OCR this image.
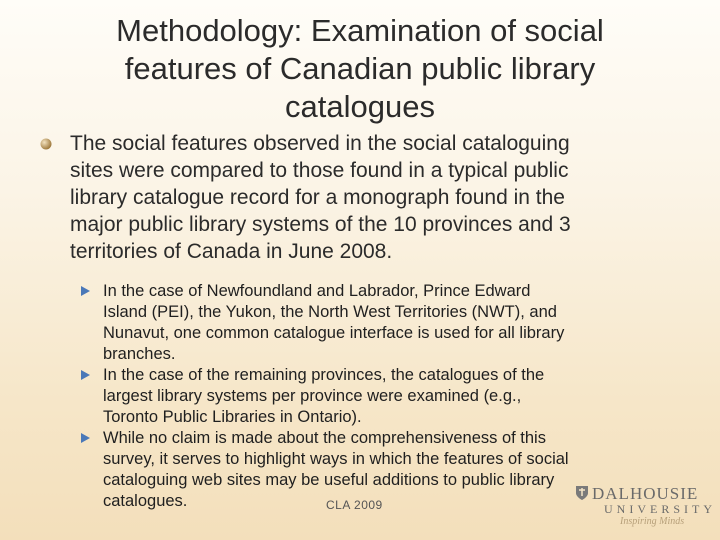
Methodology: Examination of social
features of Canadian public library
catalogues
The social features observed in the social cataloguing
sites were compared to those found in a typical public
library catalogue record for a monograph found in the
major public library systems of the 10 provinces and 3
territories of Canada in June 2008.
In the case of Newfoundland and Labrador, Prince Edward
Island (PEI), the Yukon, the North West Territories (NWT), and
Nunavut, one common catalogue interface is used for all library
branches.
In the case of the remaining provinces, the catalogues of the
largest library systems per province were examined (e.g.,
Toronto Public Libraries in Ontario).
While no claim is made about the comprehensiveness of this
survey, it serves to highlight ways in which the features of social
cataloguing web sites may be useful additions to public library
catalogues.	DALHOUSIE
UNIVERSITY
Inspiring Minds
CLA 2009
